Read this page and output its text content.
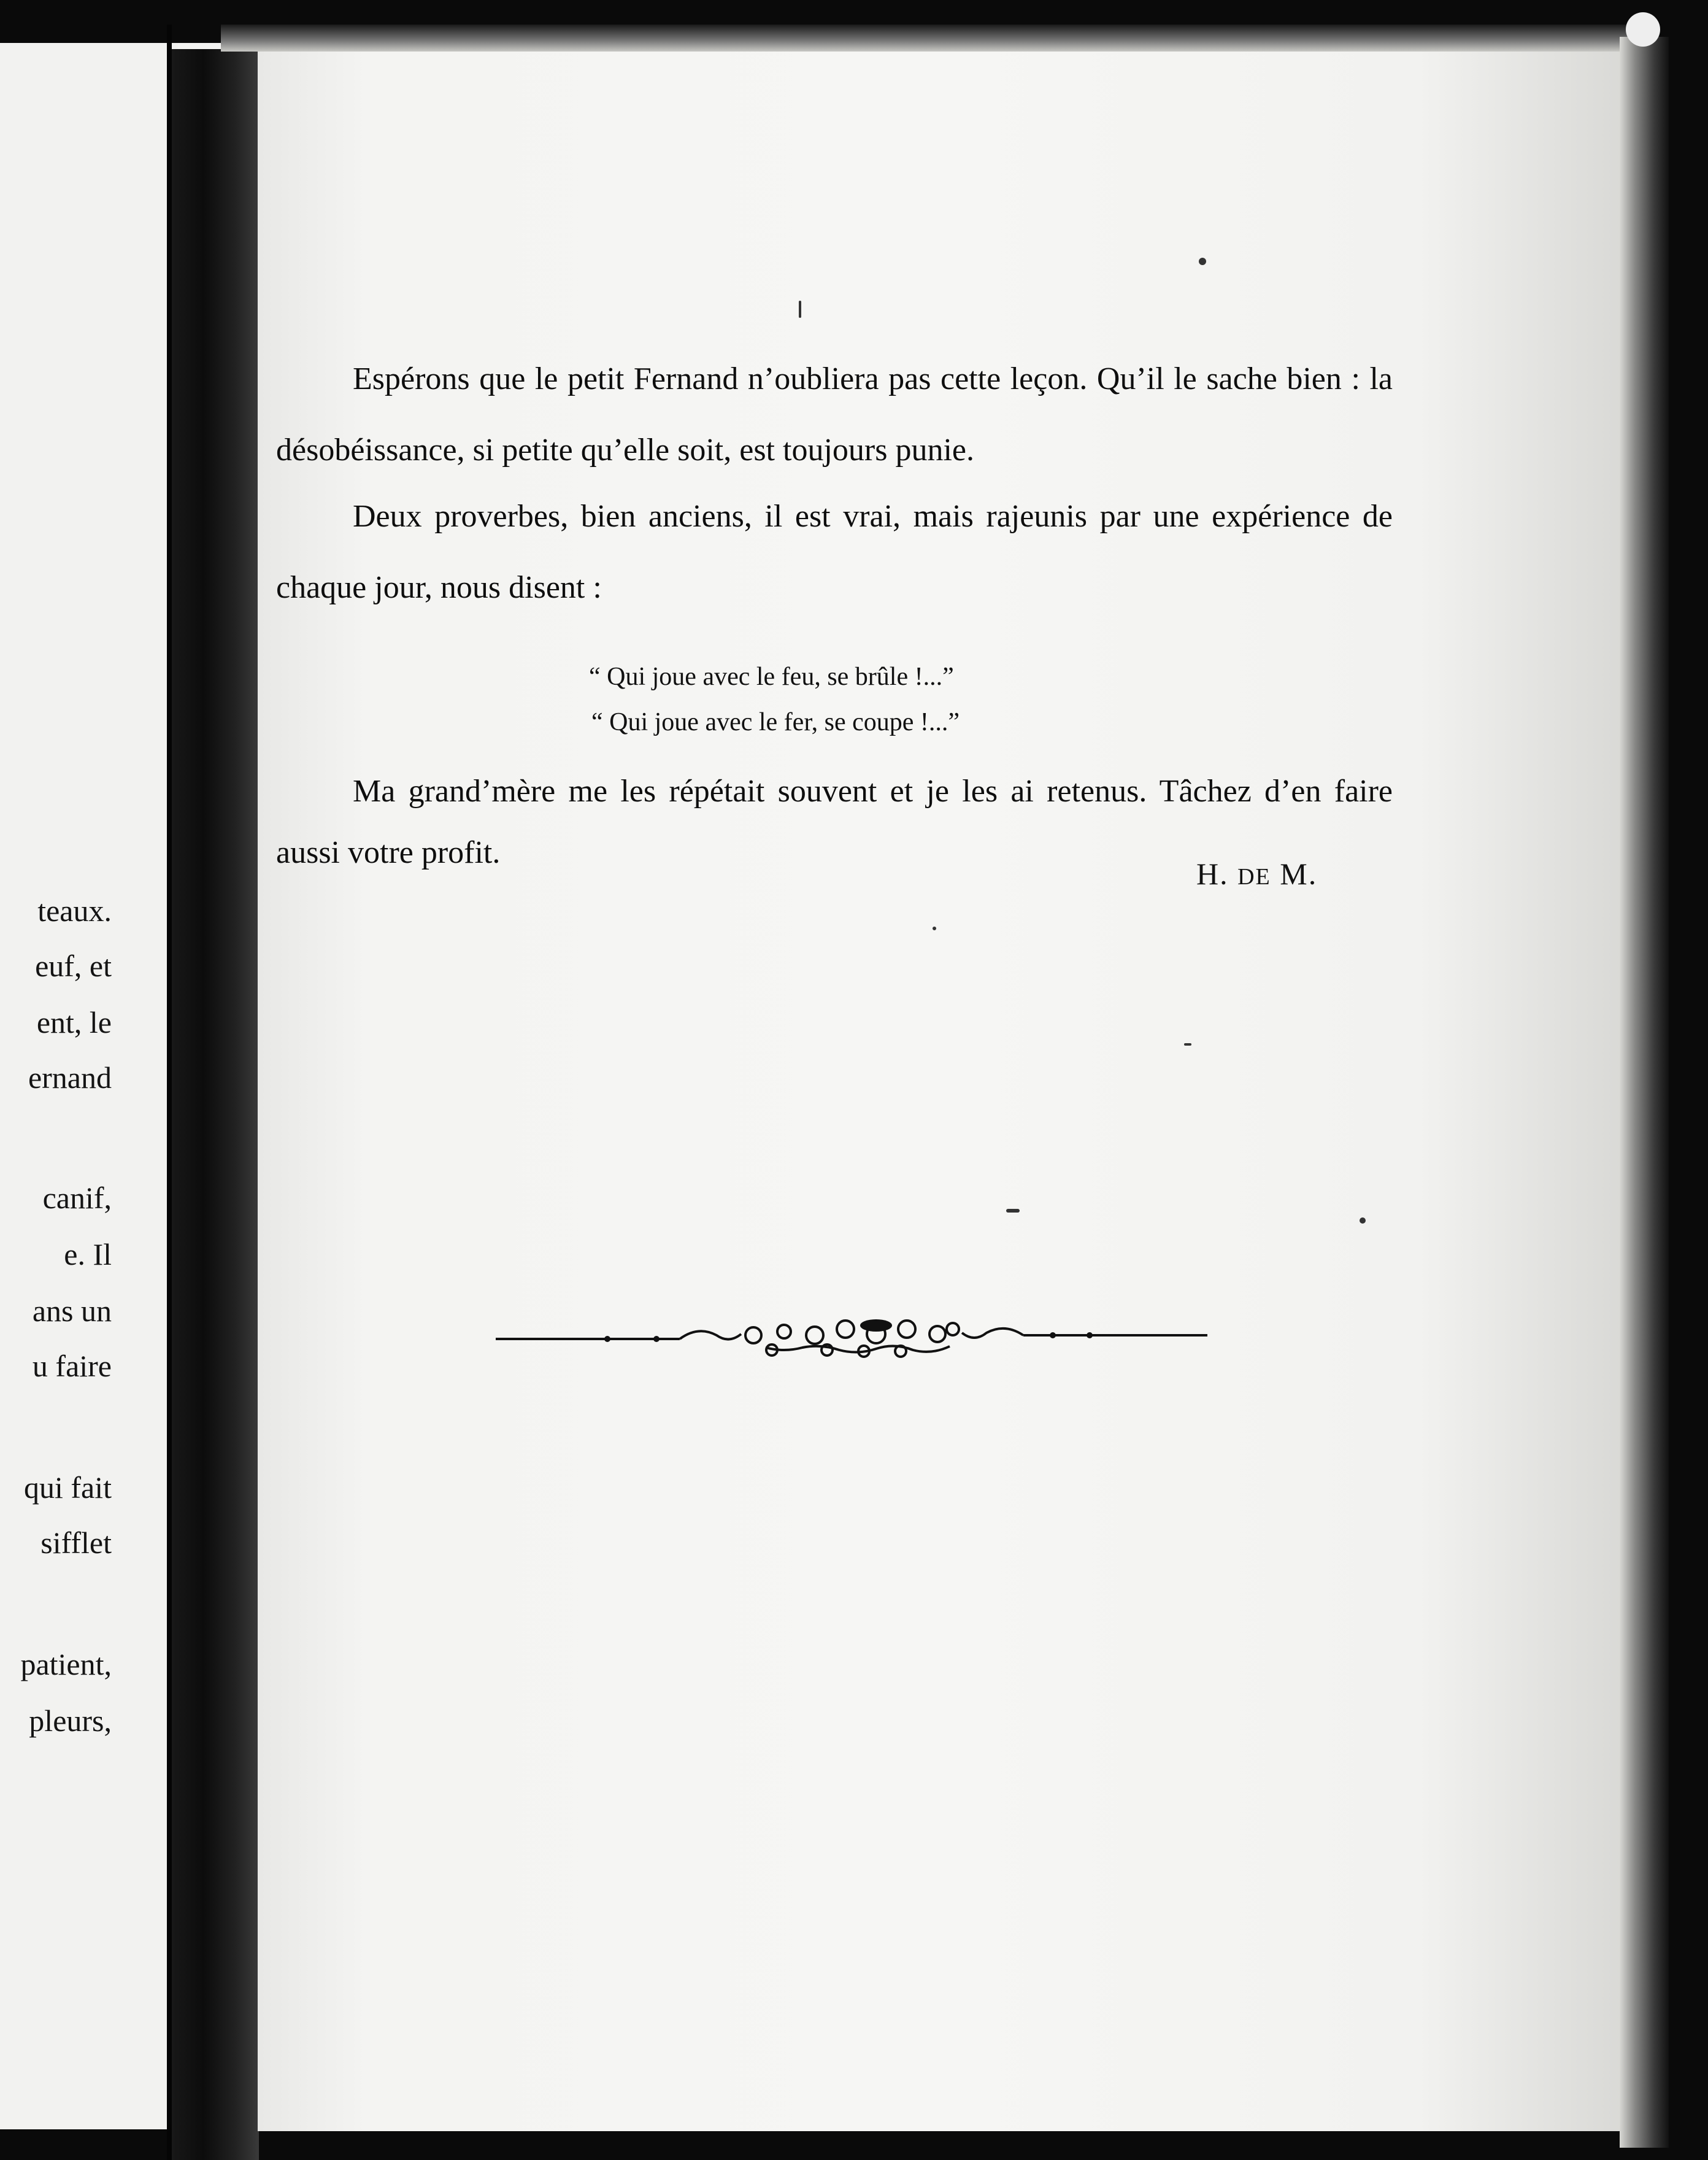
teaux.
euf, et
ent, le
ernand
canif,
e. Il
ans un
u faire
qui fait
sifflet
patient,
pleurs,

Espérons que le petit Fernand n’oubliera pas cette leçon. Qu’il le sache bien : la désobéissance, si petite qu’elle soit, est toujours punie.

Deux proverbes, bien anciens, il est vrai, mais rajeunis par une expérience de chaque jour, nous disent :

“ Qui joue avec le feu, se brûle !...”
“ Qui joue avec le fer, se coupe !...”

Ma grand’mère me les répétait souvent et je les ai retenus. Tâchez d’en faire aussi votre profit.

H. DE M.
